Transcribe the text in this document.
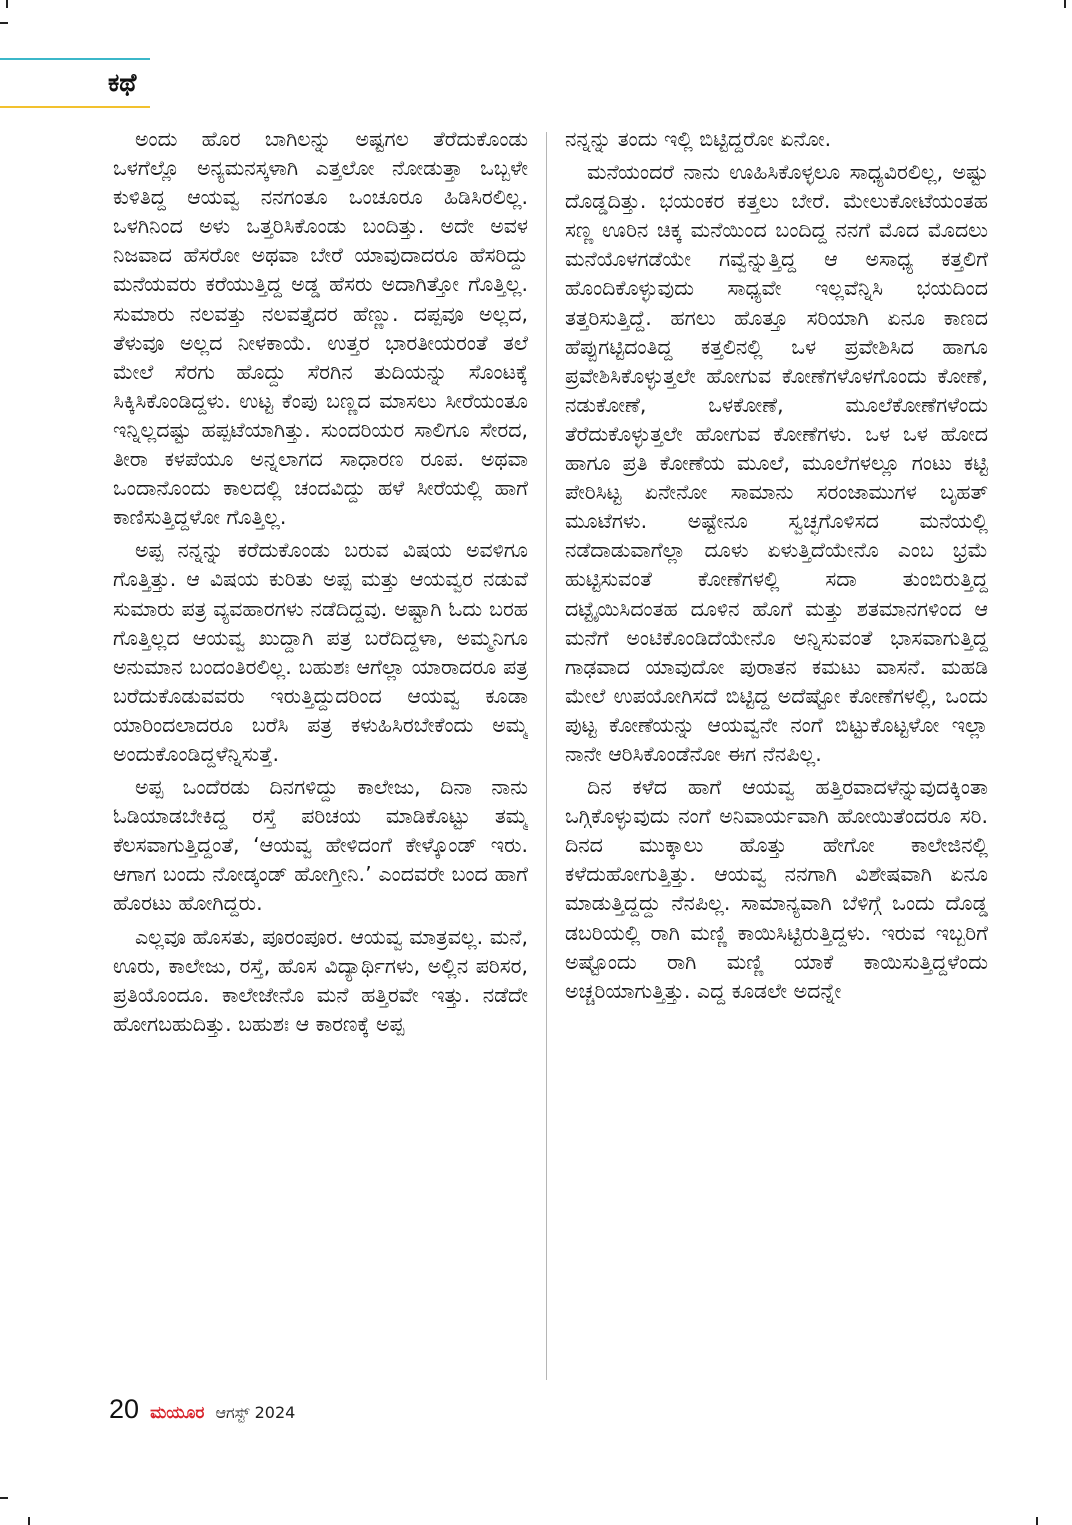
ಕಥೆ

ಅಂದು ಹೊರ ಬಾಗಿಲನ್ನು ಅಷ್ಟಗಲ ತೆರೆದುಕೊಂಡು ಒಳಗೆಲ್ಲೊ ಅನ್ಯಮನಸ್ಕಳಾಗಿ ಎತ್ತಲೋ ನೋಡುತ್ತಾ ಒಬ್ಬಳೇ ಕುಳಿತಿದ್ದ ಆಯವ್ವ ನನಗಂತೂ ಒಂಚೂರೂ ಹಿಡಿಸಿರಲಿಲ್ಲ. ಒಳಗಿನಿಂದ ಅಳು ಒತ್ತರಿಸಿಕೊಂಡು ಬಂದಿತ್ತು. ಅದೇ ಅವಳ ನಿಜವಾದ ಹೆಸರೋ ಅಥವಾ ಬೇರೆ ಯಾವುದಾದರೂ ಹೆಸರಿದ್ದು ಮನೆಯವರು ಕರೆಯುತ್ತಿದ್ದ ಅಡ್ಡ ಹೆಸರು ಅದಾಗಿತ್ತೋ ಗೊತ್ತಿಲ್ಲ. ಸುಮಾರು ನಲವತ್ತು ನಲವತ್ತೈದರ ಹೆಣ್ಣು. ದಪ್ಪವೂ ಅಲ್ಲದ, ತೆಳುವೂ ಅಲ್ಲದ ನೀಳಕಾಯೆ. ಉತ್ತರ ಭಾರತೀಯರಂತೆ ತಲೆ ಮೇಲೆ ಸೆರಗು ಹೊದ್ದು ಸೆರಗಿನ ತುದಿಯನ್ನು ಸೊಂಟಕ್ಕೆ ಸಿಕ್ಕಿಸಿಕೊಂಡಿದ್ದಳು. ಉಟ್ಟ ಕೆಂಪು ಬಣ್ಣದ ಮಾಸಲು ಸೀರೆಯಂತೂ ಇನ್ನಿಲ್ಲದಷ್ಟು ಹಪ್ಪಟೆಯಾಗಿತ್ತು. ಸುಂದರಿಯರ ಸಾಲಿಗೂ ಸೇರದ, ತೀರಾ ಕಳಪೆಯೂ ಅನ್ನಲಾಗದ ಸಾಧಾರಣ ರೂಪ. ಅಥವಾ ಒಂದಾನೊಂದು ಕಾಲದಲ್ಲಿ ಚಂದವಿದ್ದು ಹಳೆ ಸೀರೆಯಲ್ಲಿ ಹಾಗೆ ಕಾಣಿಸುತ್ತಿದ್ದಳೋ ಗೊತ್ತಿಲ್ಲ.

ಅಪ್ಪ ನನ್ನನ್ನು ಕರೆದುಕೊಂಡು ಬರುವ ವಿಷಯ ಅವಳಿಗೂ ಗೊತ್ತಿತ್ತು. ಆ ವಿಷಯ ಕುರಿತು ಅಪ್ಪ ಮತ್ತು ಆಯವ್ವರ ನಡುವೆ ಸುಮಾರು ಪತ್ರ ವ್ಯವಹಾರಗಳು ನಡೆದಿದ್ದವು. ಅಷ್ಟಾಗಿ ಓದು ಬರಹ ಗೊತ್ತಿಲ್ಲದ ಆಯವ್ವ ಖುದ್ದಾಗಿ ಪತ್ರ ಬರೆದಿದ್ದಳಾ, ಅಮ್ಮನಿಗೂ ಅನುಮಾನ ಬಂದಂತಿರಲಿಲ್ಲ. ಬಹುಶಃ ಆಗೆಲ್ಲಾ ಯಾರಾದರೂ ಪತ್ರ ಬರೆದುಕೊಡುವವರು ಇರುತ್ತಿದ್ದುದರಿಂದ ಆಯವ್ವ ಕೂಡಾ ಯಾರಿಂದಲಾದರೂ ಬರೆಸಿ ಪತ್ರ ಕಳುಹಿಸಿರಬೇಕೆಂದು ಅಮ್ಮ ಅಂದುಕೊಂಡಿದ್ದಳೆನ್ನಿಸುತ್ತೆ.

ಅಪ್ಪ ಒಂದೆರಡು ದಿನಗಳಿದ್ದು ಕಾಲೇಜು, ದಿನಾ ನಾನು ಓಡಿಯಾಡಬೇಕಿದ್ದ ರಸ್ತೆ ಪರಿಚಯ ಮಾಡಿಕೊಟ್ಟು ತಮ್ಮ ಕೆಲಸವಾಗುತ್ತಿದ್ದಂತೆ, ‘ಆಯವ್ವ ಹೇಳಿದಂಗೆ ಕೇಳ್ಕೊಂಡ್ ಇರು. ಆಗಾಗ ಬಂದು ನೋಡ್ಕಂಡ್ ಹೋಗ್ತೀನಿ.’ ಎಂದವರೇ ಬಂದ ಹಾಗೆ ಹೊರಟು ಹೋಗಿದ್ದರು.

ಎಲ್ಲವೂ ಹೊಸತು, ಪೂರಂಪೂರ. ಆಯವ್ವ ಮಾತ್ರವಲ್ಲ. ಮನೆ, ಊರು, ಕಾಲೇಜು, ರಸ್ತೆ, ಹೊಸ ವಿದ್ಯಾರ್ಥಿಗಳು, ಅಲ್ಲಿನ ಪರಿಸರ, ಪ್ರತಿಯೊಂದೂ. ಕಾಲೇಜೇನೊ ಮನೆ ಹತ್ತಿರವೇ ಇತ್ತು. ನಡೆದೇ ಹೋಗಬಹುದಿತ್ತು. ಬಹುಶಃ ಆ ಕಾರಣಕ್ಕೆ ಅಪ್ಪ

ನನ್ನನ್ನು ತಂದು ಇಲ್ಲಿ ಬಿಟ್ಟಿದ್ದರೋ ಏನೋ.

ಮನೆಯಂದರೆ ನಾನು ಊಹಿಸಿಕೊಳ್ಳಲೂ ಸಾಧ್ಯವಿರಲಿಲ್ಲ, ಅಷ್ಟು ದೊಡ್ಡದಿತ್ತು. ಭಯಂಕರ ಕತ್ತಲು ಬೇರೆ. ಮೇಲುಕೋಟೆಯಂತಹ ಸಣ್ಣ ಊರಿನ ಚಿಕ್ಕ ಮನೆಯಿಂದ ಬಂದಿದ್ದ ನನಗೆ ಮೊದ ಮೊದಲು ಮನೆಯೊಳಗಡೆಯೇ ಗವ್ವೆನ್ನುತ್ತಿದ್ದ ಆ ಅಸಾಧ್ಯ ಕತ್ತಲಿಗೆ ಹೊಂದಿಕೊಳ್ಳುವುದು ಸಾಧ್ಯವೇ ಇಲ್ಲವೆನ್ನಿಸಿ ಭಯದಿಂದ ತತ್ತರಿಸುತ್ತಿದ್ದೆ. ಹಗಲು ಹೊತ್ತೂ ಸರಿಯಾಗಿ ಏನೂ ಕಾಣದ ಹೆಪ್ಪುಗಟ್ಟಿದಂತಿದ್ದ ಕತ್ತಲಿನಲ್ಲಿ ಒಳ ಪ್ರವೇಶಿಸಿದ ಹಾಗೂ ಪ್ರವೇಶಿಸಿಕೊಳ್ಳುತ್ತಲೇ ಹೋಗುವ ಕೋಣೆಗಳೊಳಗೊಂದು ಕೋಣೆ, ನಡುಕೋಣೆ, ಒಳಕೋಣೆ, ಮೂಲೆಕೋಣೆಗಳೆಂದು ತೆರೆದುಕೊಳ್ಳುತ್ತಲೇ ಹೋಗುವ ಕೋಣೆಗಳು. ಒಳ ಒಳ ಹೋದ ಹಾಗೂ ಪ್ರತಿ ಕೋಣೆಯ ಮೂಲೆ, ಮೂಲೆಗಳಲ್ಲೂ ಗಂಟು ಕಟ್ಟಿ ಪೇರಿಸಿಟ್ಟ ಏನೇನೋ ಸಾಮಾನು ಸರಂಜಾಮುಗಳ ಬೃಹತ್ ಮೂಟೆಗಳು. ಅಷ್ಟೇನೂ ಸ್ವಚ್ಛಗೊಳಿಸದ ಮನೆಯಲ್ಲಿ ನಡೆದಾಡುವಾಗೆಲ್ಲಾ ದೂಳು ಏಳುತ್ತಿದೆಯೇನೊ ಎಂಬ ಭ್ರಮೆ ಹುಟ್ಟಿಸುವಂತೆ ಕೋಣೆಗಳಲ್ಲಿ ಸದಾ ತುಂಬಿರುತ್ತಿದ್ದ ದಟ್ಟೈಯಿಸಿದಂತಹ ದೂಳಿನ ಹೊಗೆ ಮತ್ತು ಶತಮಾನಗಳಿಂದ ಆ ಮನೆಗೆ ಅಂಟಿಕೊಂಡಿದೆಯೇನೊ ಅನ್ನಿಸುವಂತೆ ಭಾಸವಾಗುತ್ತಿದ್ದ ಗಾಢವಾದ ಯಾವುದೋ ಪುರಾತನ ಕಮಟು ವಾಸನೆ. ಮಹಡಿ ಮೇಲೆ ಉಪಯೋಗಿಸದೆ ಬಿಟ್ಟಿದ್ದ ಅದೆಷ್ಟೋ ಕೋಣೆಗಳಲ್ಲಿ, ಒಂದು ಪುಟ್ಟ ಕೋಣೆಯನ್ನು ಆಯವ್ವನೇ ನಂಗೆ ಬಿಟ್ಟುಕೊಟ್ಟಳೋ ಇಲ್ಲಾ ನಾನೇ ಆರಿಸಿಕೊಂಡೆನೋ ಈಗ ನೆನಪಿಲ್ಲ.

ದಿನ ಕಳೆದ ಹಾಗೆ ಆಯವ್ವ ಹತ್ತಿರವಾದಳೆನ್ನುವುದಕ್ಕಿಂತಾ ಒಗ್ಗಿಕೊಳ್ಳುವುದು ನಂಗೆ ಅನಿವಾರ್ಯವಾಗಿ ಹೋಯಿತೆಂದರೂ ಸರಿ. ದಿನದ ಮುಕ್ಕಾಲು ಹೊತ್ತು ಹೇಗೋ ಕಾಲೇಜಿನಲ್ಲಿ ಕಳೆದುಹೋಗುತ್ತಿತ್ತು. ಆಯವ್ವ ನನಗಾಗಿ ವಿಶೇಷವಾಗಿ ಏನೂ ಮಾಡುತ್ತಿದ್ದದ್ದು ನೆನಪಿಲ್ಲ. ಸಾಮಾನ್ಯವಾಗಿ ಬೆಳಿಗ್ಗೆ ಒಂದು ದೊಡ್ಡ ಡಬರಿಯಲ್ಲಿ ರಾಗಿ ಮಣ್ಣಿ ಕಾಯಿಸಿಟ್ಟಿರುತ್ತಿದ್ದಳು. ಇರುವ ಇಬ್ಬರಿಗೆ ಅಷ್ಟೊಂದು ರಾಗಿ ಮಣ್ಣಿ ಯಾಕೆ ಕಾಯಿಸುತ್ತಿದ್ದಳೆಂದು ಅಚ್ಚರಿಯಾಗುತ್ತಿತ್ತು. ಎದ್ದ ಕೂಡಲೇ ಅದನ್ನೇ

20 ಮಯೂರ ಆಗಸ್ಟ್ 2024
